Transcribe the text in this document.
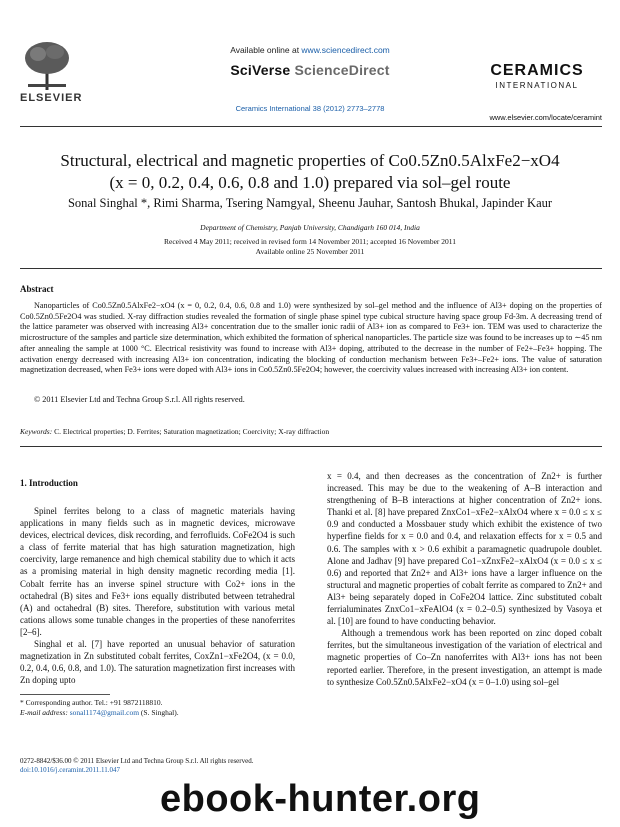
ELSEVIER
Available online at www.sciencedirect.com
SciVerse ScienceDirect
Ceramics International 38 (2012) 2773–2778
CERAMICS
INTERNATIONAL
www.elsevier.com/locate/ceramint
Structural, electrical and magnetic properties of Co0.5Zn0.5AlxFe2−xO4
(x = 0, 0.2, 0.4, 0.6, 0.8 and 1.0) prepared via sol–gel route
Sonal Singhal *, Rimi Sharma, Tsering Namgyal, Sheenu Jauhar, Santosh Bhukal, Japinder Kaur
Department of Chemistry, Panjab University, Chandigarh 160 014, India
Received 4 May 2011; received in revised form 14 November 2011; accepted 16 November 2011
Available online 25 November 2011
Abstract
Nanoparticles of Co0.5Zn0.5AlxFe2−xO4 (x = 0, 0.2, 0.4, 0.6, 0.8 and 1.0) were synthesized by sol–gel method and the influence of Al3+ doping on the properties of Co0.5Zn0.5Fe2O4 was studied. X-ray diffraction studies revealed the formation of single phase spinel type cubical structure having space group Fd-3m. A decreasing trend of the lattice parameter was observed with increasing Al3+ concentration due to the smaller ionic radii of Al3+ ion as compared to Fe3+ ion. TEM was used to characterize the microstructure of the samples and particle size determination, which exhibited the formation of spherical nanoparticles. The particle size was found to be increases up to ∼45 nm after annealing the sample at 1000 °C. Electrical resistivity was found to increase with Al3+ doping, attributed to the decrease in the number of Fe2+–Fe3+ hopping. The activation energy decreased with increasing Al3+ ion concentration, indicating the blocking of conduction mechanism between Fe3+–Fe2+ ions. The value of saturation magnetization decreased, when Fe3+ ions were doped with Al3+ ions in Co0.5Zn0.5Fe2O4; however, the coercivity values increased with increasing Al3+ ion content.
© 2011 Elsevier Ltd and Techna Group S.r.l. All rights reserved.
Keywords: C. Electrical properties; D. Ferrites; Saturation magnetization; Coercivity; X-ray diffraction
1. Introduction

Spinel ferrites belong to a class of magnetic materials having applications in many fields such as in magnetic devices, microwave devices, electrical devices, disk recording, and ferrofluids. CoFe2O4 is such a class of ferrite material that has high saturation magnetization, high coercivity, large remanence and high chemical stability due to which it acts as a promising material in high density magnetic recording media [1]. Cobalt ferrite has an inverse spinel structure with Co2+ ions in the octahedral (B) sites and Fe3+ ions equally distributed between tetrahedral (A) and octahedral (B) sites. Therefore, substitution with various metal cations allows some tunable changes in the properties of these nanoferrites [2–6].

Singhal et al. [7] have reported an unusual behavior of saturation magnetization in Zn substituted cobalt ferrites, CoxZn1−xFe2O4, (x = 0.0, 0.2, 0.4, 0.6, 0.8, and 1.0). The saturation magnetization first increases with Zn doping upto

x = 0.4, and then decreases as the concentration of Zn2+ is further increased. This may be due to the weakening of A–B interaction and strengthening of B–B interactions at higher concentration of Zn2+ ions. Thanki et al. [8] have prepared ZnxCo1−xFe2−xAlxO4 where x = 0.0 ≤ x ≤ 0.9 and conducted a Mossbauer study which exhibit the existence of two hyperfine fields for x = 0.0 and 0.4, and relaxation effects for x = 0.5 and 0.6. The samples with x > 0.6 exhibit a paramagnetic quadrupole doublet. Alone and Jadhav [9] have prepared Co1−xZnxFe2−xAlxO4 (x = 0.0 ≤ x ≤ 0.6) and reported that Zn2+ and Al3+ ions have a larger influence on the structural and magnetic properties of cobalt ferrite as compared to Zn2+ and Al3+ being separately doped in CoFe2O4 lattice. Zinc substituted cobalt ferrialuminates ZnxCo1−xFeAlO4 (x = 0.2–0.5) synthesized by Vasoya et al. [10] are found to have conducting behavior.

Although a tremendous work has been reported on zinc doped cobalt ferrites, but the simultaneous investigation of the variation of electrical and magnetic properties of Co–Zn nanoferrites with Al3+ ions has not been reported earlier. Therefore, in the present investigation, an attempt is made to synthesize Co0.5Zn0.5AlxFe2−xO4 (x = 0–1.0) using sol–gel

* Corresponding author. Tel.: +91 9872118810.
E-mail address: sonal1174@gmail.com (S. Singhal).
0272-8842/$36.00 © 2011 Elsevier Ltd and Techna Group S.r.l. All rights reserved.
doi:10.1016/j.ceramint.2011.11.047
ebook-hunter.org
